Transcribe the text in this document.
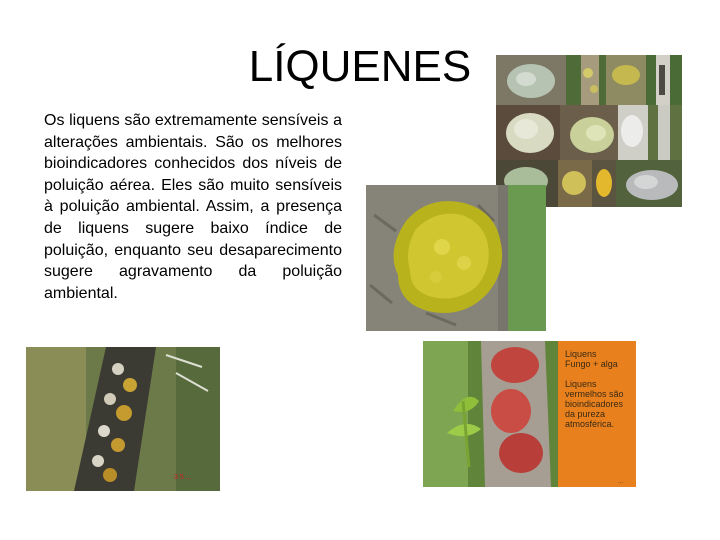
LÍQUENES
Os liquens são extremamente sensíveis a alterações ambientais. São os melhores bioindicadores conhecidos dos níveis de poluição aérea. Eles são muito sensíveis à poluição ambiental. Assim, a presença de liquens sugere baixo índice de poluição, enquanto seu desaparecimento sugere agravamento da poluição ambiental.
3 5 ...
Liquens
Fungo + alga
Liquens vermelhos são bioindicadores da pureza atmosférica.
...
